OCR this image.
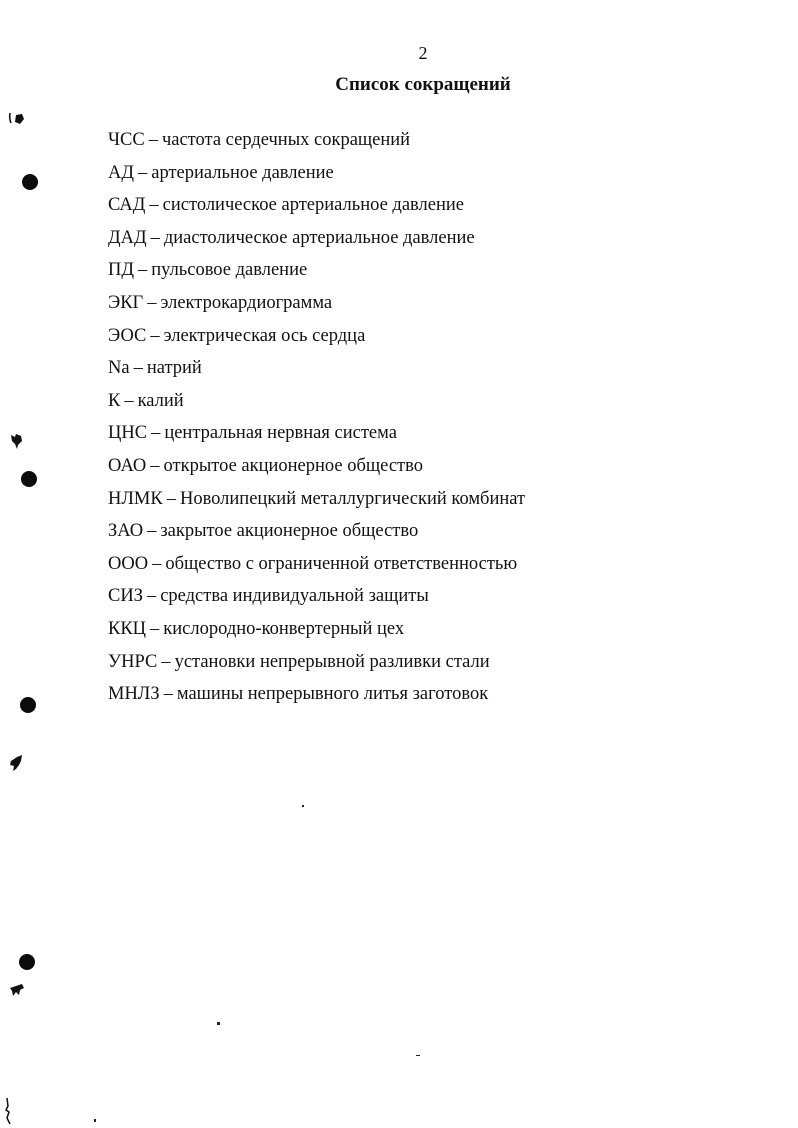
2
Список сокращений
ЧСС – частота сердечных сокращений
АД – артериальное давление
САД – систолическое артериальное давление
ДАД – диастолическое артериальное давление
ПД – пульсовое давление
ЭКГ – электрокардиограмма
ЭОС – электрическая ось сердца
Na – натрий
К – калий
ЦНС – центральная нервная система
ОАО – открытое акционерное общество
НЛМК – Новолипецкий металлургический комбинат
ЗАО – закрытое акционерное общество
ООО – общество с ограниченной ответственностью
СИЗ – средства индивидуальной защиты
ККЦ – кислородно-конвертерный цех
УНРС – установки непрерывной разливки стали
МНЛЗ – машины непрерывного литья заготовок
